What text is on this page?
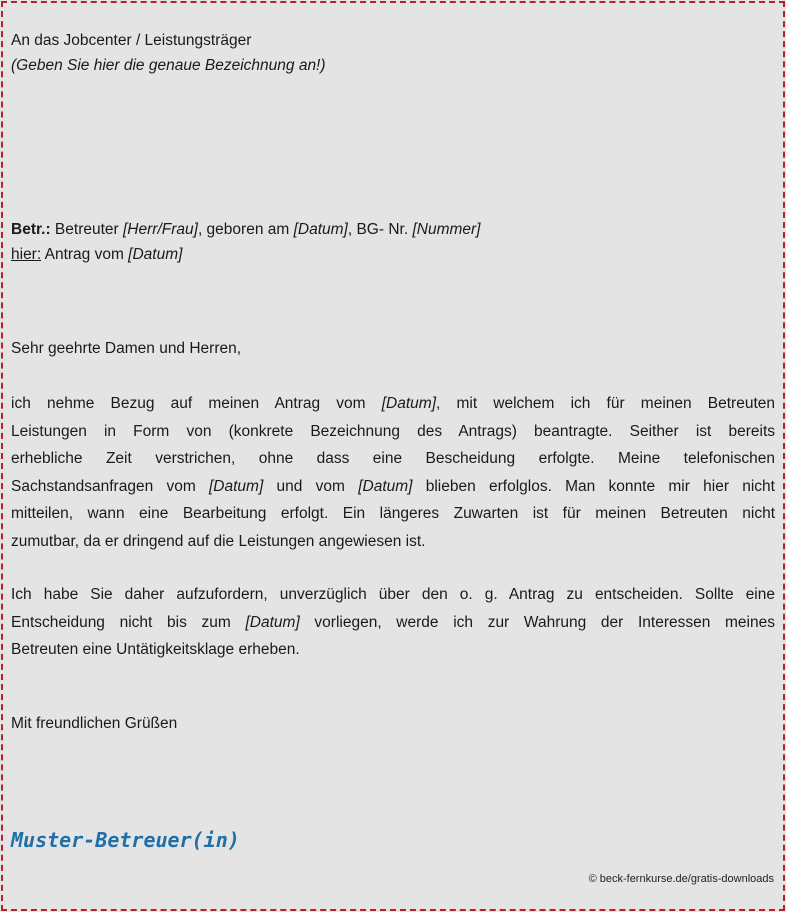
An das Jobcenter / Leistungsträger
(Geben Sie hier die genaue Bezeichnung an!)
Betr.: Betreuter [Herr/Frau], geboren am [Datum], BG- Nr. [Nummer]
hier: Antrag vom [Datum]
Sehr geehrte Damen und Herren,
ich nehme Bezug auf meinen Antrag vom [Datum], mit welchem ich für meinen Betreuten
Leistungen in Form von (konkrete Bezeichnung des Antrags) beantragte. Seither ist bereits
erhebliche Zeit verstrichen, ohne dass eine Bescheidung erfolgte. Meine telefonischen
Sachstandsanfragen vom [Datum] und vom [Datum] blieben erfolglos. Man konnte mir hier nicht
mitteilen, wann eine Bearbeitung erfolgt. Ein längeres Zuwarten ist für meinen Betreuten nicht
zumutbar, da er dringend auf die Leistungen angewiesen ist.
Ich habe Sie daher aufzufordern, unverzüglich über den o. g. Antrag zu entscheiden. Sollte eine
Entscheidung nicht bis zum [Datum] vorliegen, werde ich zur Wahrung der Interessen meines
Betreuten eine Untätigkeitsklage erheben.
Mit freundlichen Grüßen
Muster-Betreuer(in)
© beck-fernkurse.de/gratis-downloads
